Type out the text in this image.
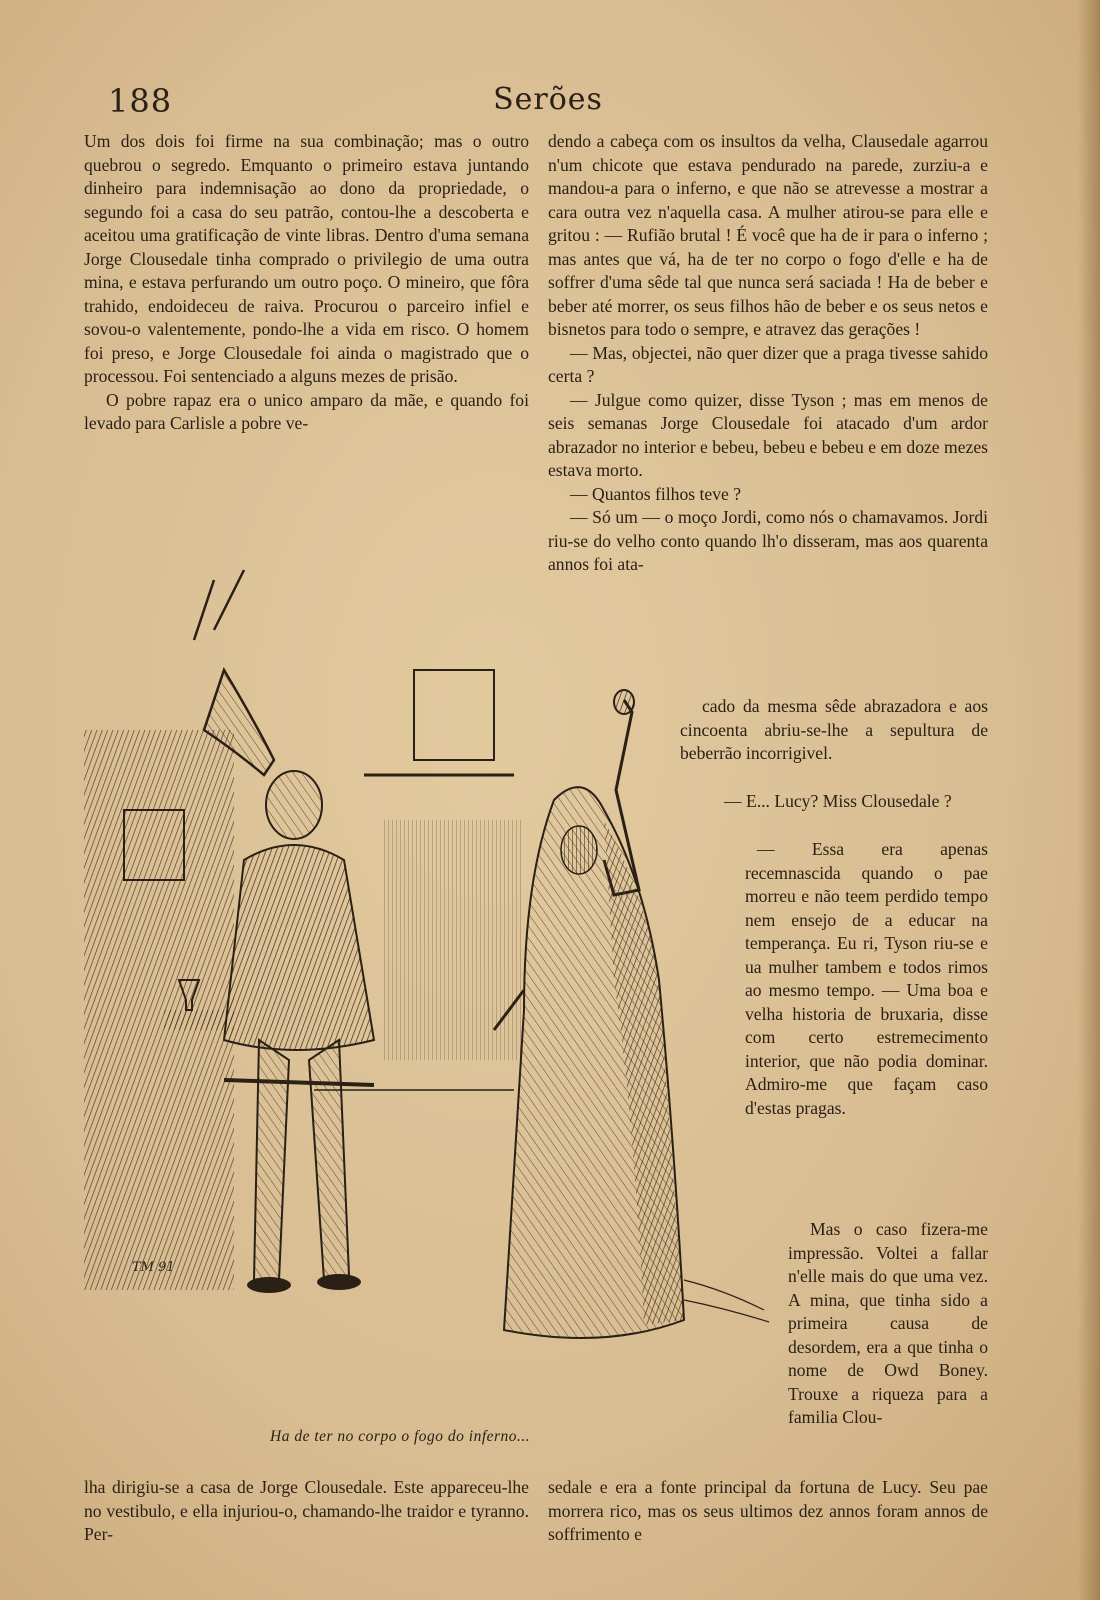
Serões
188

Um dos dois foi firme na sua combinação; mas o outro quebrou o segredo. Emquanto o primeiro estava juntando dinheiro para indemnisação ao dono da propriedade, o segundo foi a casa do seu patrão, contou-lhe a descoberta e aceitou uma gratificação de vinte libras. Dentro d'uma semana Jorge Clousedale tinha comprado o privilegio de uma outra mina, e estava perfurando um outro poço. O mineiro, que fôra trahido, endoideceu de raiva. Procurou o parceiro infiel e sovou-o valentemente, pondo-lhe a vida em risco. O homem foi preso, e Jorge Clousedale foi ainda o magistrado que o processou. Foi sentenciado a alguns mezes de prisão.

O pobre rapaz era o unico amparo da mãe, e quando foi levado para Carlisle a pobre ve-

dendo a cabeça com os insultos da velha, Clausedale agarrou n'um chicote que estava pendurado na parede, zurziu-a e mandou-a para o inferno, e que não se atrevesse a mostrar a cara outra vez n'aquella casa. A mulher atirou-se para elle e gritou : — Rufião brutal ! É você que ha de ir para o inferno ; mas antes que vá, ha de ter no corpo o fogo d'elle e ha de soffrer d'uma sêde tal que nunca será saciada ! Ha de beber e beber até morrer, os seus filhos hão de beber e os seus netos e bisnetos para todo o sempre, e atravez das gerações !

— Mas, objectei, não quer dizer que a praga tivesse sahido certa ?

— Julgue como quizer, disse Tyson ; mas em menos de seis semanas Jorge Clousedale foi atacado d'um ardor abrazador no interior e bebeu, bebeu e bebeu e em doze mezes estava morto.

— Quantos filhos teve ?

— Só um — o moço Jordi, como nós o chamavamos. Jordi riu-se do velho conto quando lh'o disseram, mas aos quarenta annos foi ata-

cado da mesma sêde abrazadora e aos cincoenta abriu-se-lhe a sepultura de beberrão incorrigivel.

— E... Lucy? Miss Clousedale ?

— Essa era apenas recemnascida quando o pae morreu e não teem perdido tempo nem ensejo de a educar na temperança. Eu ri, Tyson riu-se e ua mulher tambem e todos rimos ao mesmo tempo. — Uma boa e velha historia de bruxaria, disse com certo estremecimento interior, que não podia dominar. Admiro-me que façam caso d'estas pragas.

Mas o caso fizera-me impressão. Voltei a fallar n'elle mais do que uma vez. A mina, que tinha sido a primeira causa de desordem, era a que tinha o nome de Owd Boney. Trouxe a riqueza para a familia Clou-

TM 91
Ha de ter no corpo o fogo do inferno...

lha dirigiu-se a casa de Jorge Clousedale. Este appareceu-lhe no vestibulo, e ella injuriou-o, chamando-lhe traidor e tyranno. Per-

sedale e era a fonte principal da fortuna de Lucy. Seu pae morrera rico, mas os seus ultimos dez annos foram annos de soffrimento e
